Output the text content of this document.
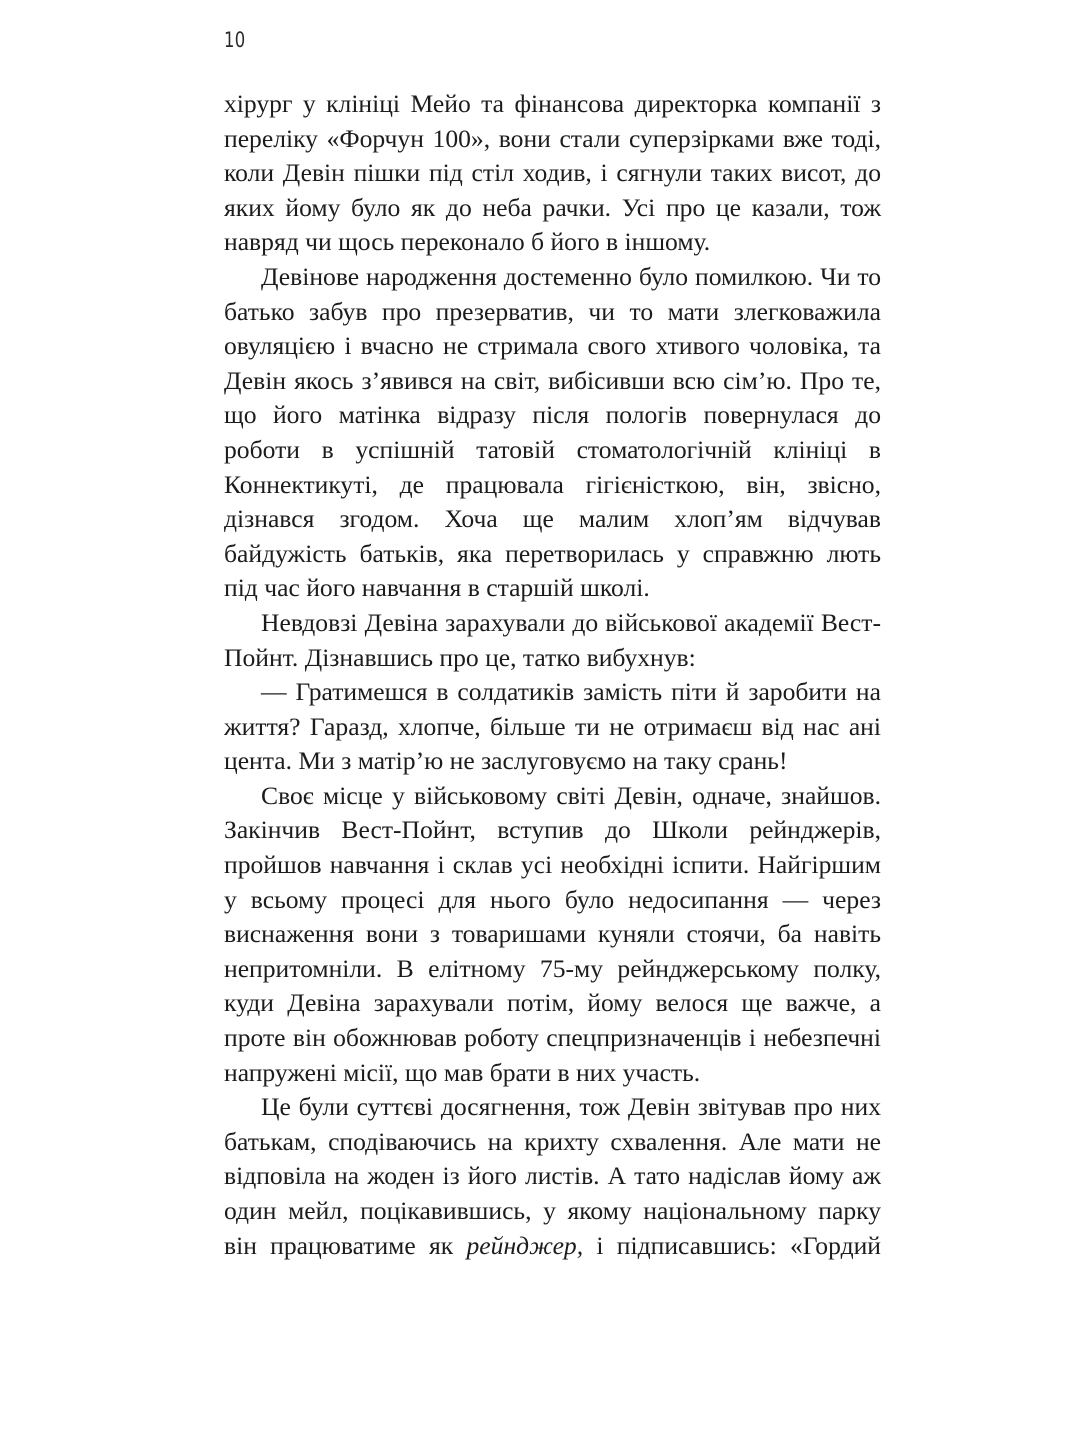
10

хірург у клініці Мейо та фінансова директорка компанії з переліку «Форчун 100», вони стали суперзірками вже тоді, коли Девін пішки під стіл ходив, і сягнули таких висот, до яких йому було як до неба рачки. Усі про це казали, тож навряд чи щось переконало б його в іншому.

Девінове народження достеменно було помилкою. Чи то батько забув про презерватив, чи то мати злегковажила овуляцією і вчасно не стримала свого хтивого чоловіка, та Девін якось з’явився на світ, вибісивши всю сім’ю. Про те, що його матінка відразу після пологів повернулася до роботи в успішній татовій стоматологічній клініці в Коннектикуті, де працювала гігієністкою, він, звісно, дізнався згодом. Хоча ще малим хлоп’ям відчував байдужість батьків, яка перетворилась у справжню лють під час його навчання в старшій школі.

Невдовзі Девіна зарахували до військової академії Вест-Пойнт. Дізнавшись про це, татко вибухнув:

— Гратимешся в солдатиків замість піти й заробити на життя? Гаразд, хлопче, більше ти не отримаєш від нас ані цента. Ми з матір’ю не заслуговуємо на таку срань!

Своє місце у військовому світі Девін, одначе, знайшов. Закінчив Вест-Пойнт, вступив до Школи рейнджерів, пройшов навчання і склав усі необхідні іспити. Найгіршим у всьому процесі для нього було недосипання — через виснаження вони з товаришами куняли стоячи, ба навіть непритомніли. В елітному 75-му рейнджерському полку, куди Девіна зарахували потім, йому велося ще важче, а проте він обожнював роботу спецпризначенців і небезпечні напружені місії, що мав брати в них участь.

Це були суттєві досягнення, тож Девін звітував про них батькам, сподіваючись на крихту схвалення. Але мати не відповіла на жоден із його листів. А тато надіслав йому аж один мейл, поцікавившись, у якому національному парку він працюватиме як рейнджер, і підписавшись: «Гордий
